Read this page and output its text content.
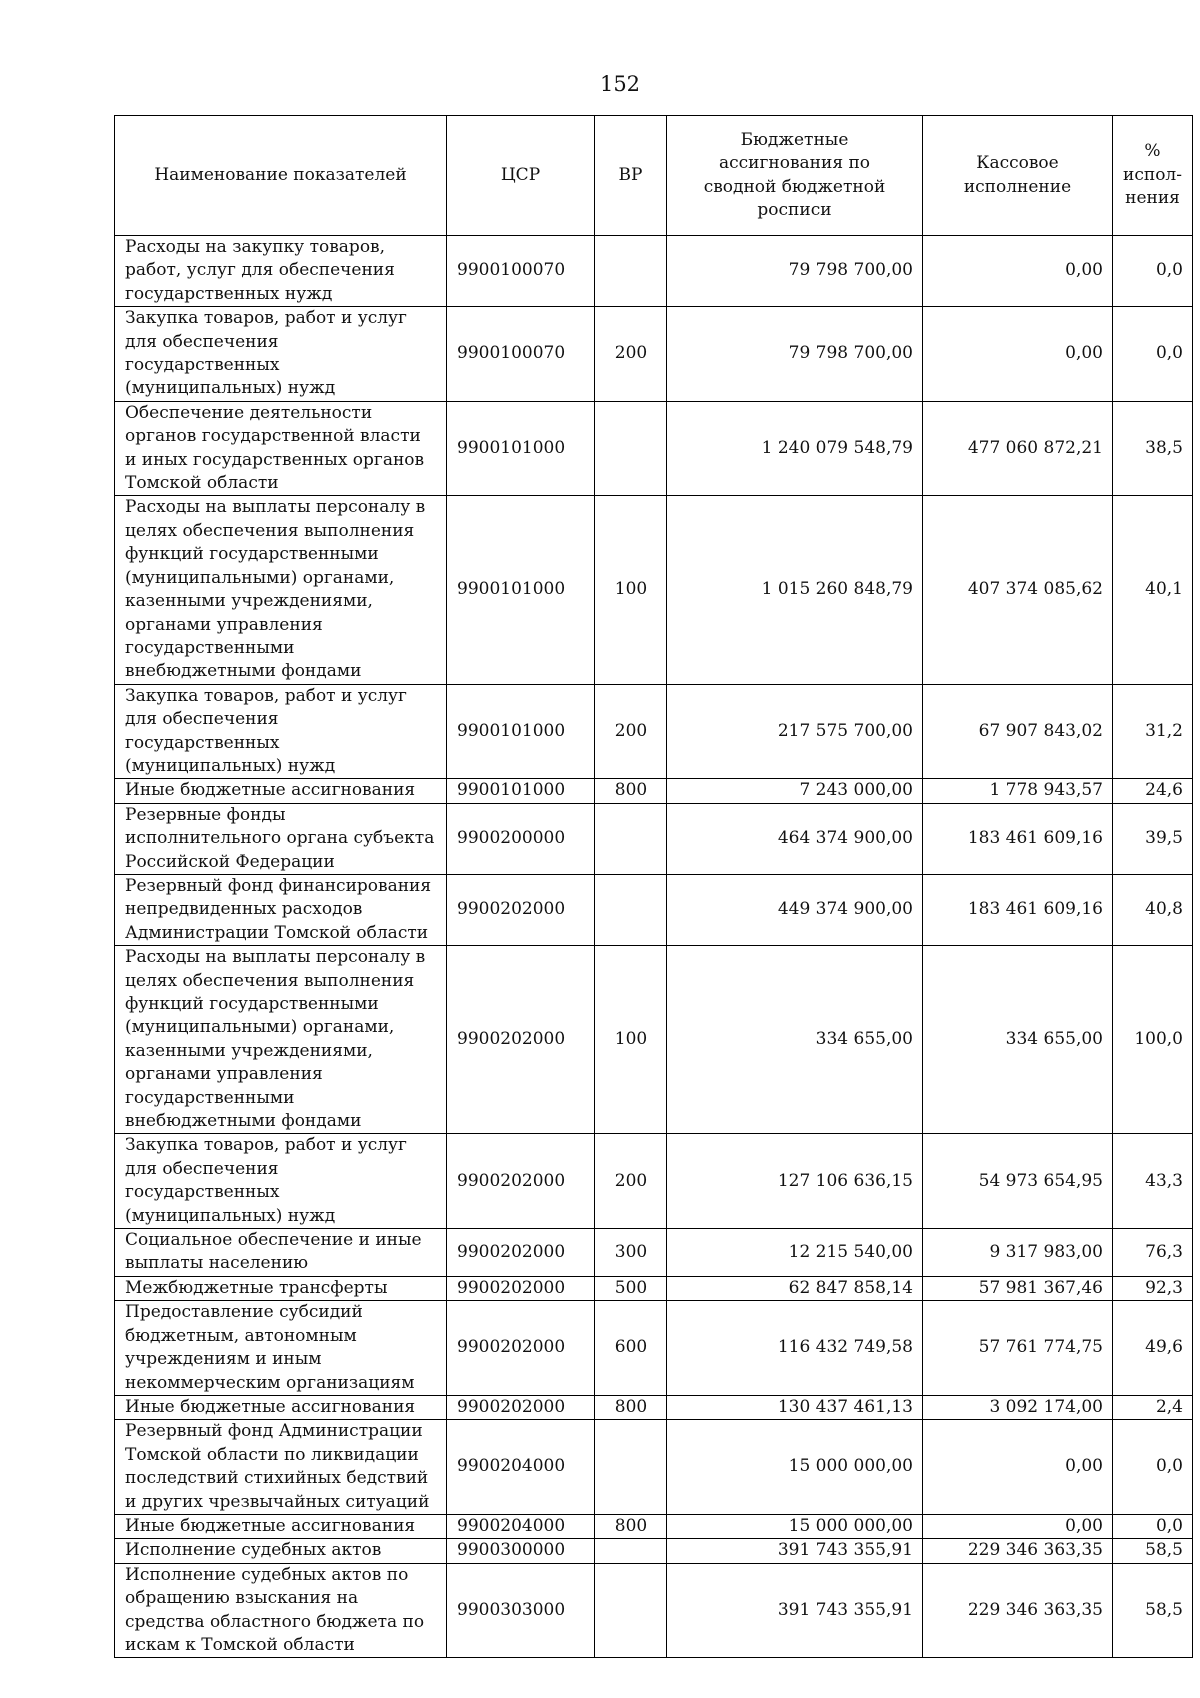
152
Наименование показателей	ЦСР	ВР	Бюджетные ассигнования по сводной бюджетной росписи	Кассовое исполнение	% испол-нения
Расходы на закупку товаров, работ, услуг для обеспечения государственных нужд	9900100070		79 798 700,00	0,00	0,0
Закупка товаров, работ и услуг для обеспечения государственных (муниципальных) нужд	9900100070	200	79 798 700,00	0,00	0,0
Обеспечение деятельности органов государственной власти и иных государственных органов Томской области	9900101000		1 240 079 548,79	477 060 872,21	38,5
Расходы на выплаты персоналу в целях обеспечения выполнения функций государственными (муниципальными) органами, казенными учреждениями, органами управления государственными внебюджетными фондами	9900101000	100	1 015 260 848,79	407 374 085,62	40,1
Закупка товаров, работ и услуг для обеспечения государственных (муниципальных) нужд	9900101000	200	217 575 700,00	67 907 843,02	31,2
Иные бюджетные ассигнования	9900101000	800	7 243 000,00	1 778 943,57	24,6
Резервные фонды исполнительного органа субъекта Российской Федерации	9900200000		464 374 900,00	183 461 609,16	39,5
Резервный фонд финансирования непредвиденных расходов Администрации Томской области	9900202000		449 374 900,00	183 461 609,16	40,8
Расходы на выплаты персоналу в целях обеспечения выполнения функций государственными (муниципальными) органами, казенными учреждениями, органами управления государственными внебюджетными фондами	9900202000	100	334 655,00	334 655,00	100,0
Закупка товаров, работ и услуг для обеспечения государственных (муниципальных) нужд	9900202000	200	127 106 636,15	54 973 654,95	43,3
Социальное обеспечение и иные выплаты населению	9900202000	300	12 215 540,00	9 317 983,00	76,3
Межбюджетные трансферты	9900202000	500	62 847 858,14	57 981 367,46	92,3
Предоставление субсидий бюджетным, автономным учреждениям и иным некоммерческим организациям	9900202000	600	116 432 749,58	57 761 774,75	49,6
Иные бюджетные ассигнования	9900202000	800	130 437 461,13	3 092 174,00	2,4
Резервный фонд Администрации Томской области по ликвидации последствий стихийных бедствий и других чрезвычайных ситуаций	9900204000		15 000 000,00	0,00	0,0
Иные бюджетные ассигнования	9900204000	800	15 000 000,00	0,00	0,0
Исполнение судебных актов	9900300000		391 743 355,91	229 346 363,35	58,5
Исполнение судебных актов по обращению взыскания на средства областного бюджета по искам к Томской области	9900303000		391 743 355,91	229 346 363,35	58,5
